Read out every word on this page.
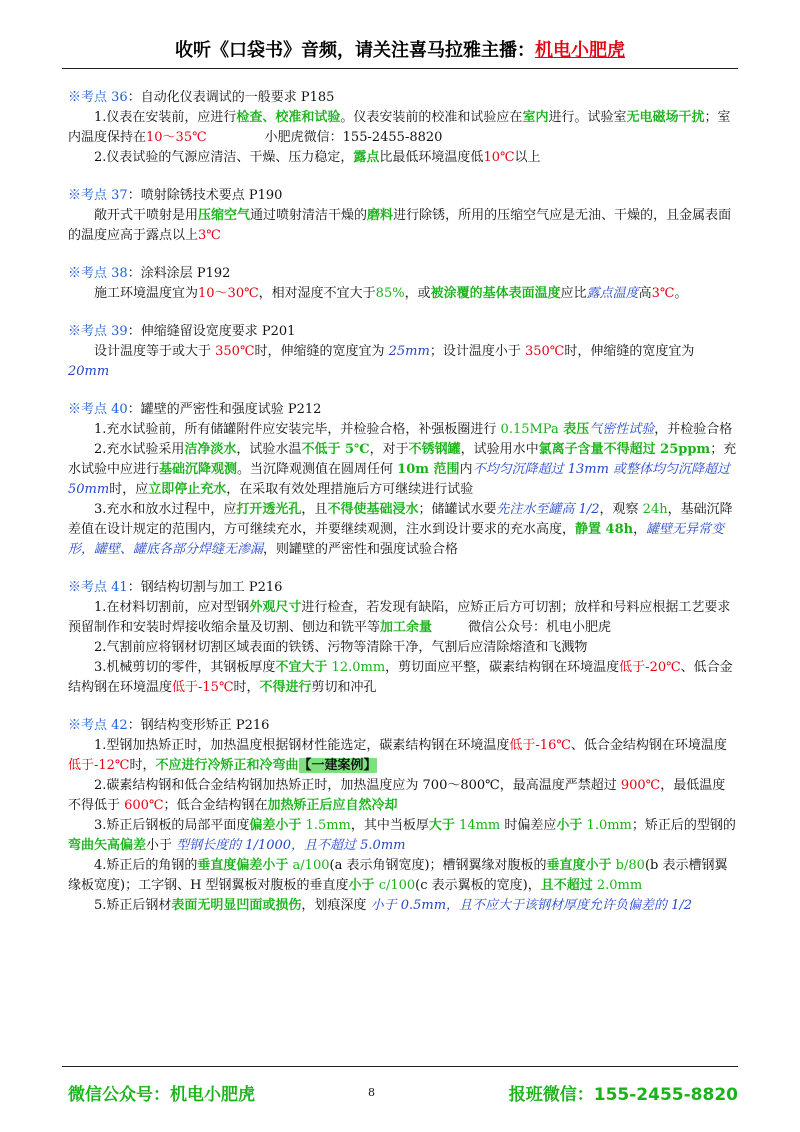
收听《口袋书》音频，请关注喜马拉雅主播：机电小肥虎
※考点 36：自动化仪表调试的一般要求 P185

1.仪表在安装前，应进行检查、校准和试验。仪表安装前的校准和试验应在室内进行。试验室无电磁场干扰；室内温度保持在10～35℃	小肥虎微信：155-2455-8820

2.仪表试验的气源应清洁、干燥、压力稳定，露点比最低环境温度低10℃以上

※考点 37：喷射除锈技术要点 P190

敞开式干喷射是用压缩空气通过喷射清洁干燥的磨料进行除锈，所用的压缩空气应是无油、干燥的，且金属表面的温度应高于露点以上3℃

※考点 38：涂料涂层 P192

施工环境温度宜为10～30℃，相对湿度不宜大于85%，或被涂覆的基体表面温度应比露点温度高3℃。

※考点 39：伸缩缝留设宽度要求 P201

设计温度等于或大于 350℃时，伸缩缝的宽度宜为 25mm；设计温度小于 350℃时，伸缩缝的宽度宜为 20mm

※考点 40：罐壁的严密性和强度试验 P212

1.充水试验前，所有储罐附件应安装完毕，并检验合格，补强板圈进行 0.15MPa 表压气密性试验，并检验合格

2.充水试验采用洁净淡水，试验水温不低于 5℃，对于不锈钢罐，试验用水中氯离子含量不得超过 25ppm；充水试验中应进行基础沉降观测。当沉降观测值在圆周任何 10m 范围内不均匀沉降超过 13mm 或整体均匀沉降超过 50mm时，应立即停止充水，在采取有效处理措施后方可继续进行试验

3.充水和放水过程中，应打开透光孔，且不得使基础浸水；储罐试水要先注水至罐高 1/2，观察 24h，基础沉降差值在设计规定的范围内，方可继续充水，并要继续观测，注水到设计要求的充水高度，静置 48h，罐壁无异常变形，罐壁、罐底各部分焊缝无渗漏，则罐壁的严密性和强度试验合格

※考点 41：钢结构切割与加工 P216

1.在材料切割前，应对型钢外观尺寸进行检查，若发现有缺陷，应矫正后方可切割；放样和号料应根据工艺要求预留制作和安装时焊接收缩余量及切割、刨边和铣平等加工余量	微信公众号：机电小肥虎

2.气割前应将钢材切割区域表面的铁锈、污物等清除干净，气割后应清除熔渣和飞溅物

3.机械剪切的零件，其钢板厚度不宜大于 12.0mm，剪切面应平整，碳素结构钢在环境温度低于-20℃、低合金结构钢在环境温度低于-15℃时，不得进行剪切和冲孔

※考点 42：钢结构变形矫正 P216

1.型钢加热矫正时，加热温度根据钢材性能选定，碳素结构钢在环境温度低于-16℃、低合金结构钢在环境温度低于-12℃时，不应进行冷矫正和冷弯曲【一建案例】

2.碳素结构钢和低合金结构钢加热矫正时，加热温度应为 700～800℃，最高温度严禁超过 900℃，最低温度不得低于 600℃；低合金结构钢在加热矫正后应自然冷却

3.矫正后钢板的局部平面度偏差小于 1.5mm，其中当板厚大于 14mm 时偏差应小于 1.0mm；矫正后的型钢的弯曲矢高偏差小于 型钢长度的 1/1000，且不超过 5.0mm

4.矫正后的角钢的垂直度偏差小于 a/100(a 表示角钢宽度)；槽钢翼缘对腹板的垂直度小于 b/80(b 表示槽钢翼缘板宽度)；工字钢、H 型钢翼板对腹板的垂直度小于 c/100(c 表示翼板的宽度)，且不超过 2.0mm

5.矫正后钢材表面无明显凹面或损伤，划痕深度 小于 0.5mm，且不应大于该钢材厚度允许负偏差的 1/2

微信公众号：机电小肥虎	8	报班微信：155-2455-8820
